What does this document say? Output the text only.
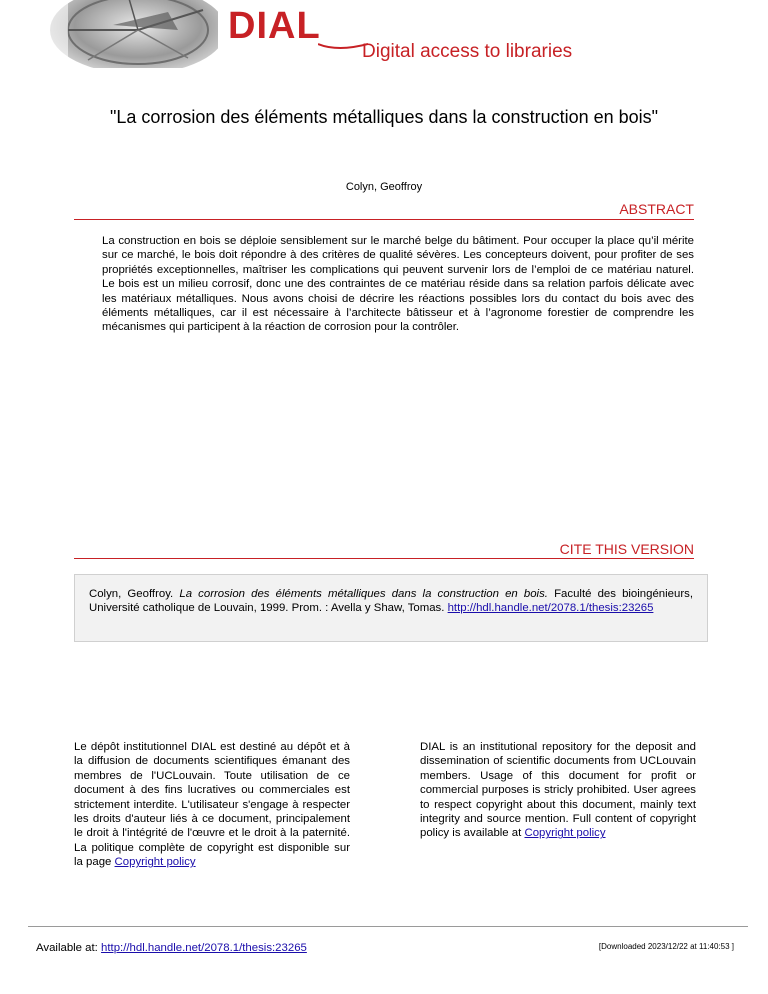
DIAL
Digital access to libraries
"La corrosion des éléments métalliques dans la construction en bois"
Colyn, Geoffroy
ABSTRACT
La construction en bois se déploie sensiblement sur le marché belge du bâtiment. Pour occuper la place qu’il mérite sur ce marché, le bois doit répondre à des critères de qualité sévères. Les concepteurs doivent, pour profiter de ses propriétés exceptionnelles, maîtriser les complications qui peuvent survenir lors de l’emploi de ce matériau naturel. Le bois est un milieu corrosif, donc une des contraintes de ce matériau réside dans sa relation parfois délicate avec les matériaux métalliques. Nous avons choisi de décrire les réactions possibles lors du contact du bois avec des éléments métalliques, car il est nécessaire à l’architecte bâtisseur et à l’agronome forestier de comprendre les mécanismes qui participent à la réaction de corrosion pour la contrôler.
CITE THIS VERSION
Colyn, Geoffroy. La corrosion des éléments métalliques dans la construction en bois. Faculté des bioingénieurs, Université catholique de Louvain, 1999. Prom. : Avella y Shaw, Tomas. http://hdl.handle.net/2078.1/thesis:23265
Le dépôt institutionnel DIAL est destiné au dépôt et à la diffusion de documents scientifiques émanant des membres de l'UCLouvain. Toute utilisation de ce document à des fins lucratives ou commerciales est strictement interdite. L'utilisateur s'engage à respecter les droits d'auteur liés à ce document, principalement le droit à l'intégrité de l'œuvre et le droit à la paternité. La politique complète de copyright est disponible sur la page Copyright policy
DIAL is an institutional repository for the deposit and dissemination of scientific documents from UCLouvain members. Usage of this document for profit or commercial purposes is stricly prohibited. User agrees to respect copyright about this document, mainly text integrity and source mention. Full content of copyright policy is available at Copyright policy
Available at: http://hdl.handle.net/2078.1/thesis:23265	[Downloaded 2023/12/22 at 11:40:53 ]
